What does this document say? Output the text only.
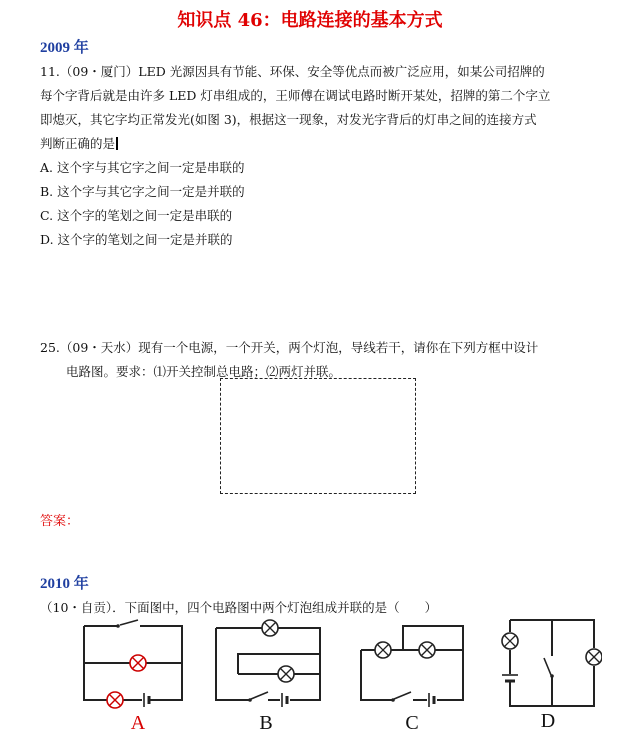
知识点 46：电路连接的基本方式
2009 年
11.（09・厦门）LED 光源因具有节能、环保、安全等优点而被广泛应用，如某公司招牌的
每个字背后就是由许多 LED 灯串组成的，王师傅在调试电路时断开某处，招牌的第二个字立
即熄灭，其它字均正常发光(如图 3)，根据这一现象，对发光字背后的灯串之间的连接方式
判断正确的是
A. 这个字与其它字之间一定是串联的
B. 这个字与其它字之间一定是并联的
C. 这个字的笔划之间一定是串联的
D. 这个字的笔划之间一定是并联的
25.（09・天水）现有一个电源，一个开关，两个灯泡，导线若干，请你在下列方框中设计
电路图。要求：⑴开关控制总电路；⑵两灯并联。
答案：
2010 年
（10・自贡）．下面图中，四个电路图中两个灯泡组成并联的是（　　）
A	B	C	D
